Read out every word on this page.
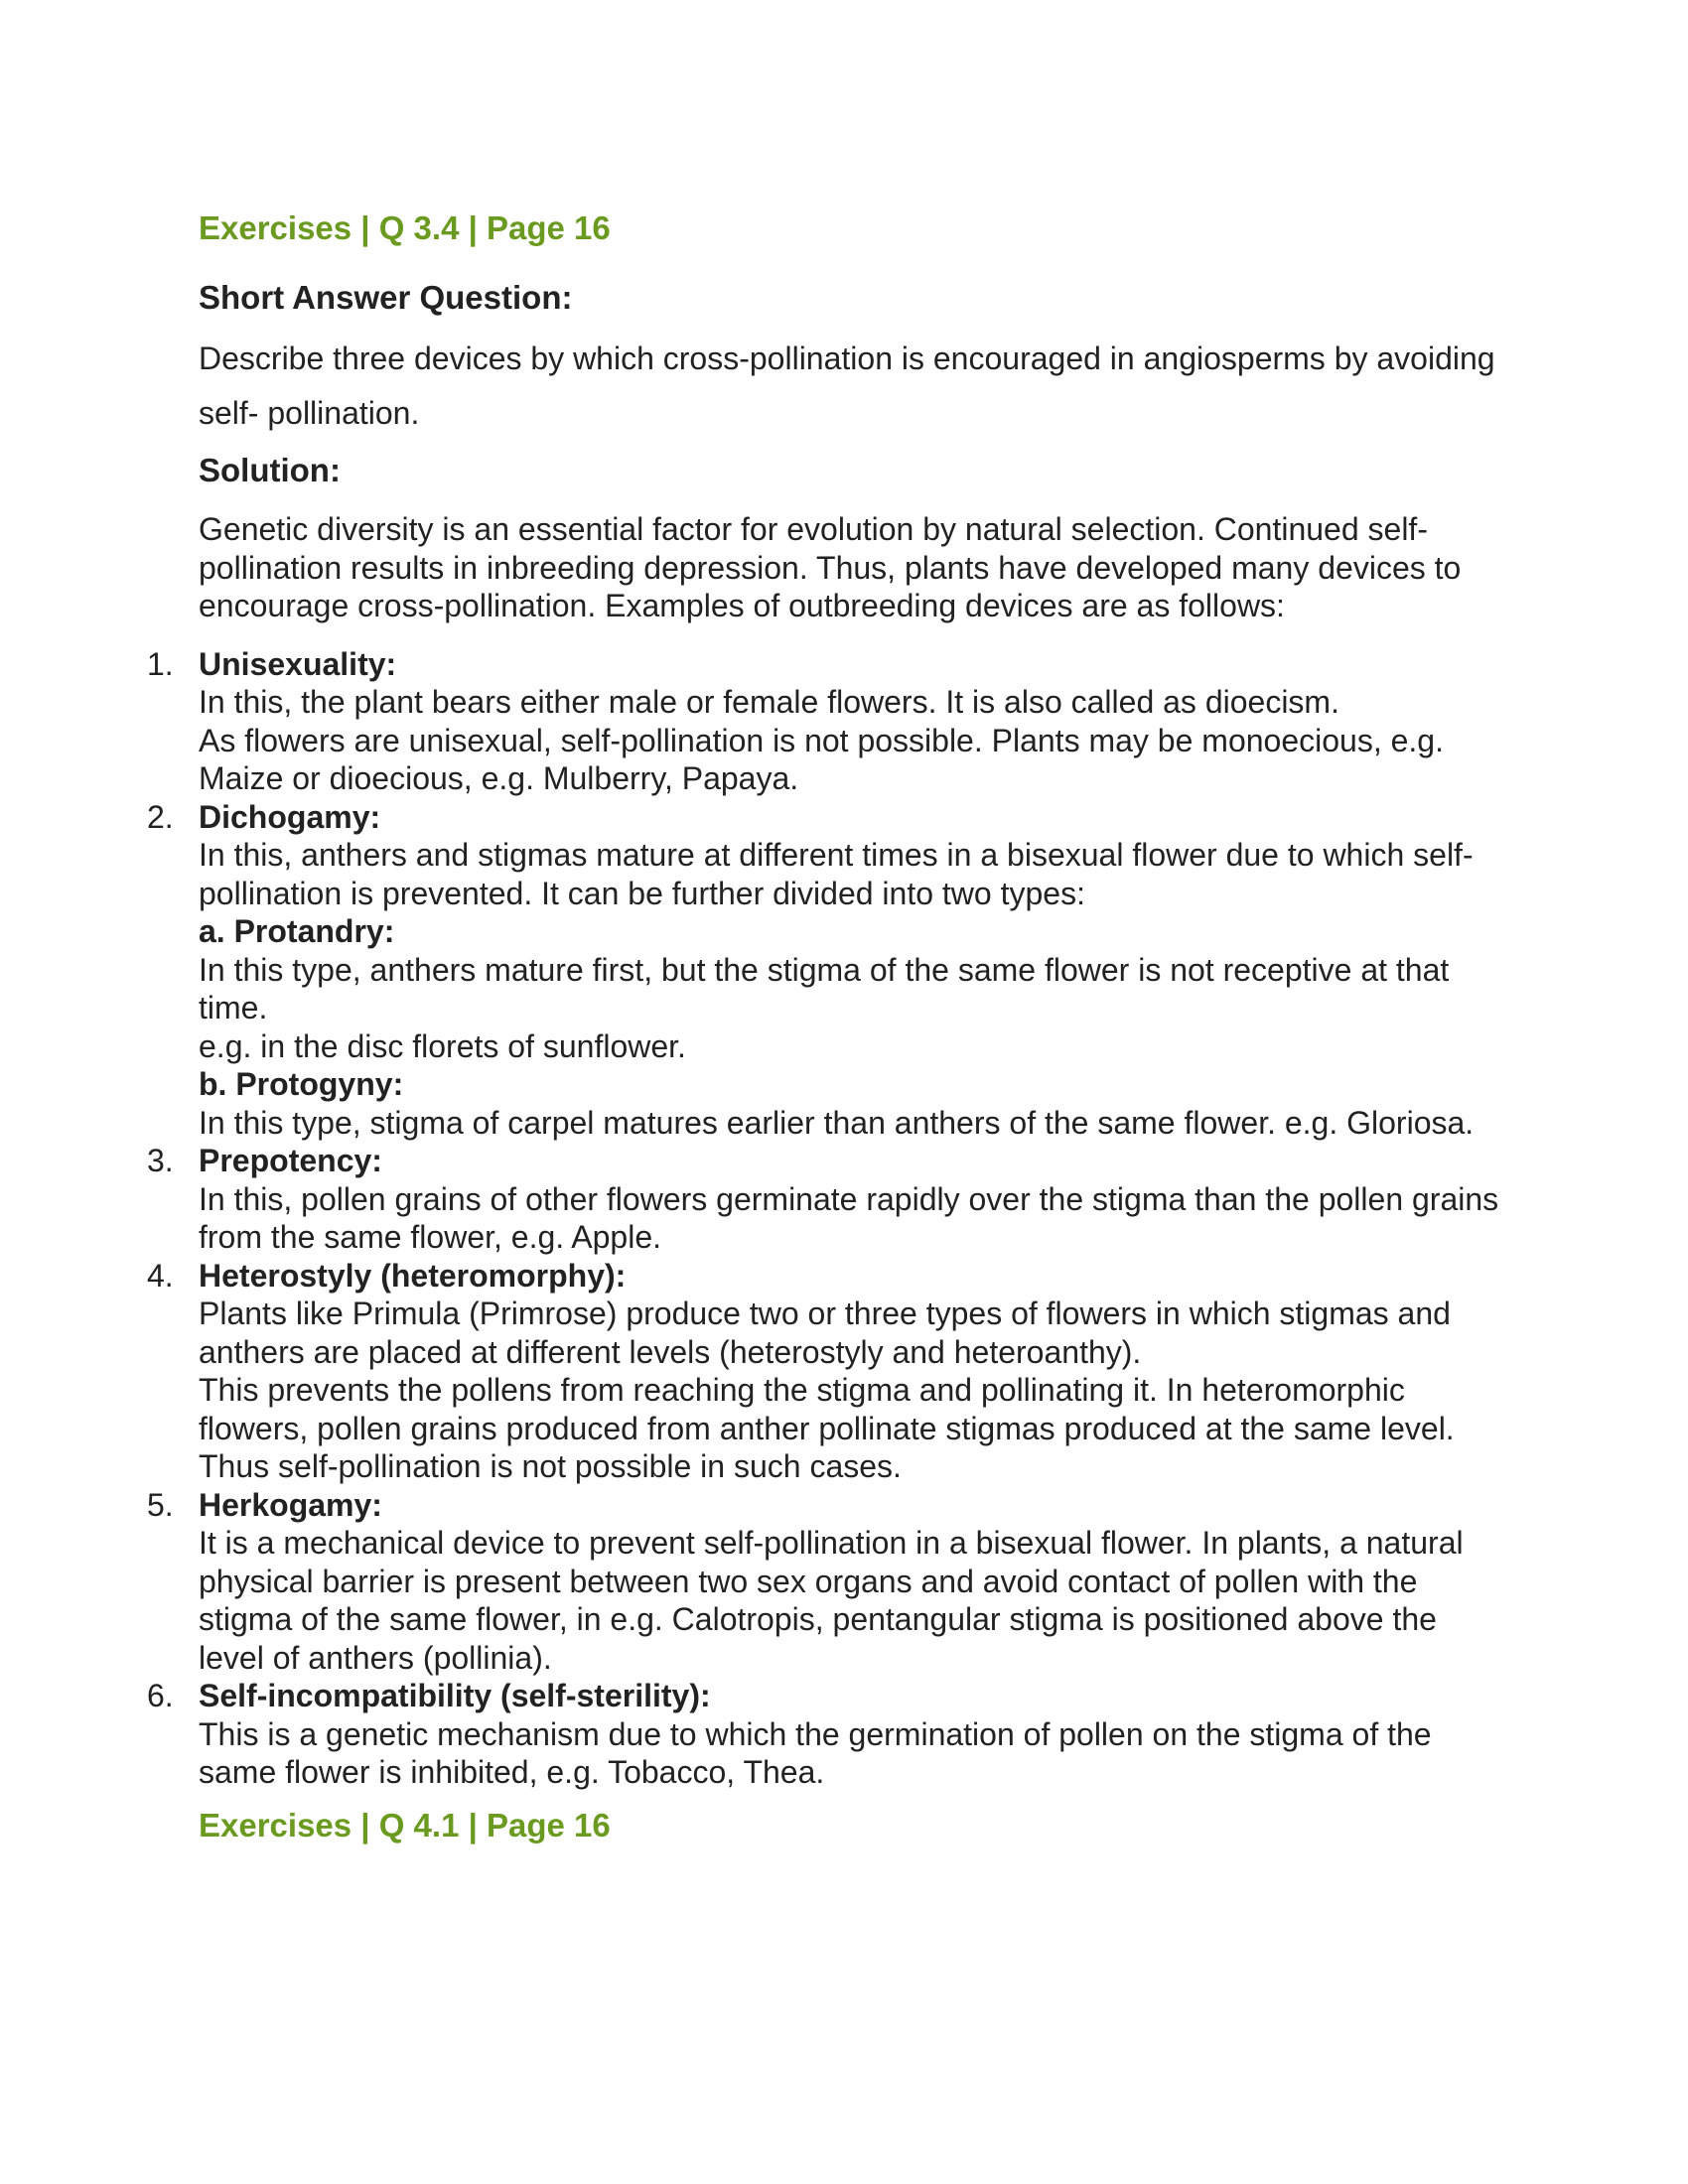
Exercises | Q 3.4 | Page 16

Short Answer Question:

Describe three devices by which cross-pollination is encouraged in angiosperms by avoiding self- pollination.

Solution:

Genetic diversity is an essential factor for evolution by natural selection. Continued self-pollination results in inbreeding depression. Thus, plants have developed many devices to encourage cross-pollination. Examples of outbreeding devices are as follows:

1. Unisexuality:
In this, the plant bears either male or female flowers. It is also called as dioecism.
As flowers are unisexual, self-pollination is not possible. Plants may be monoecious, e.g. Maize or dioecious, e.g. Mulberry, Papaya.
2. Dichogamy:
In this, anthers and stigmas mature at different times in a bisexual flower due to which self-pollination is prevented. It can be further divided into two types:
a. Protandry:
In this type, anthers mature first, but the stigma of the same flower is not receptive at that time.
e.g. in the disc florets of sunflower.
b. Protogyny:
In this type, stigma of carpel matures earlier than anthers of the same flower. e.g. Gloriosa.
3. Prepotency:
In this, pollen grains of other flowers germinate rapidly over the stigma than the pollen grains from the same flower, e.g. Apple.
4. Heterostyly (heteromorphy):
Plants like Primula (Primrose) produce two or three types of flowers in which stigmas and anthers are placed at different levels (heterostyly and heteroanthy).
This prevents the pollens from reaching the stigma and pollinating it. In heteromorphic flowers, pollen grains produced from anther pollinate stigmas produced at the same level.
Thus self-pollination is not possible in such cases.
5. Herkogamy:
It is a mechanical device to prevent self-pollination in a bisexual flower. In plants, a natural physical barrier is present between two sex organs and avoid contact of pollen with the stigma of the same flower, in e.g. Calotropis, pentangular stigma is positioned above the level of anthers (pollinia).
6. Self-incompatibility (self-sterility):
This is a genetic mechanism due to which the germination of pollen on the stigma of the same flower is inhibited, e.g. Tobacco, Thea.

Exercises | Q 4.1 | Page 16
